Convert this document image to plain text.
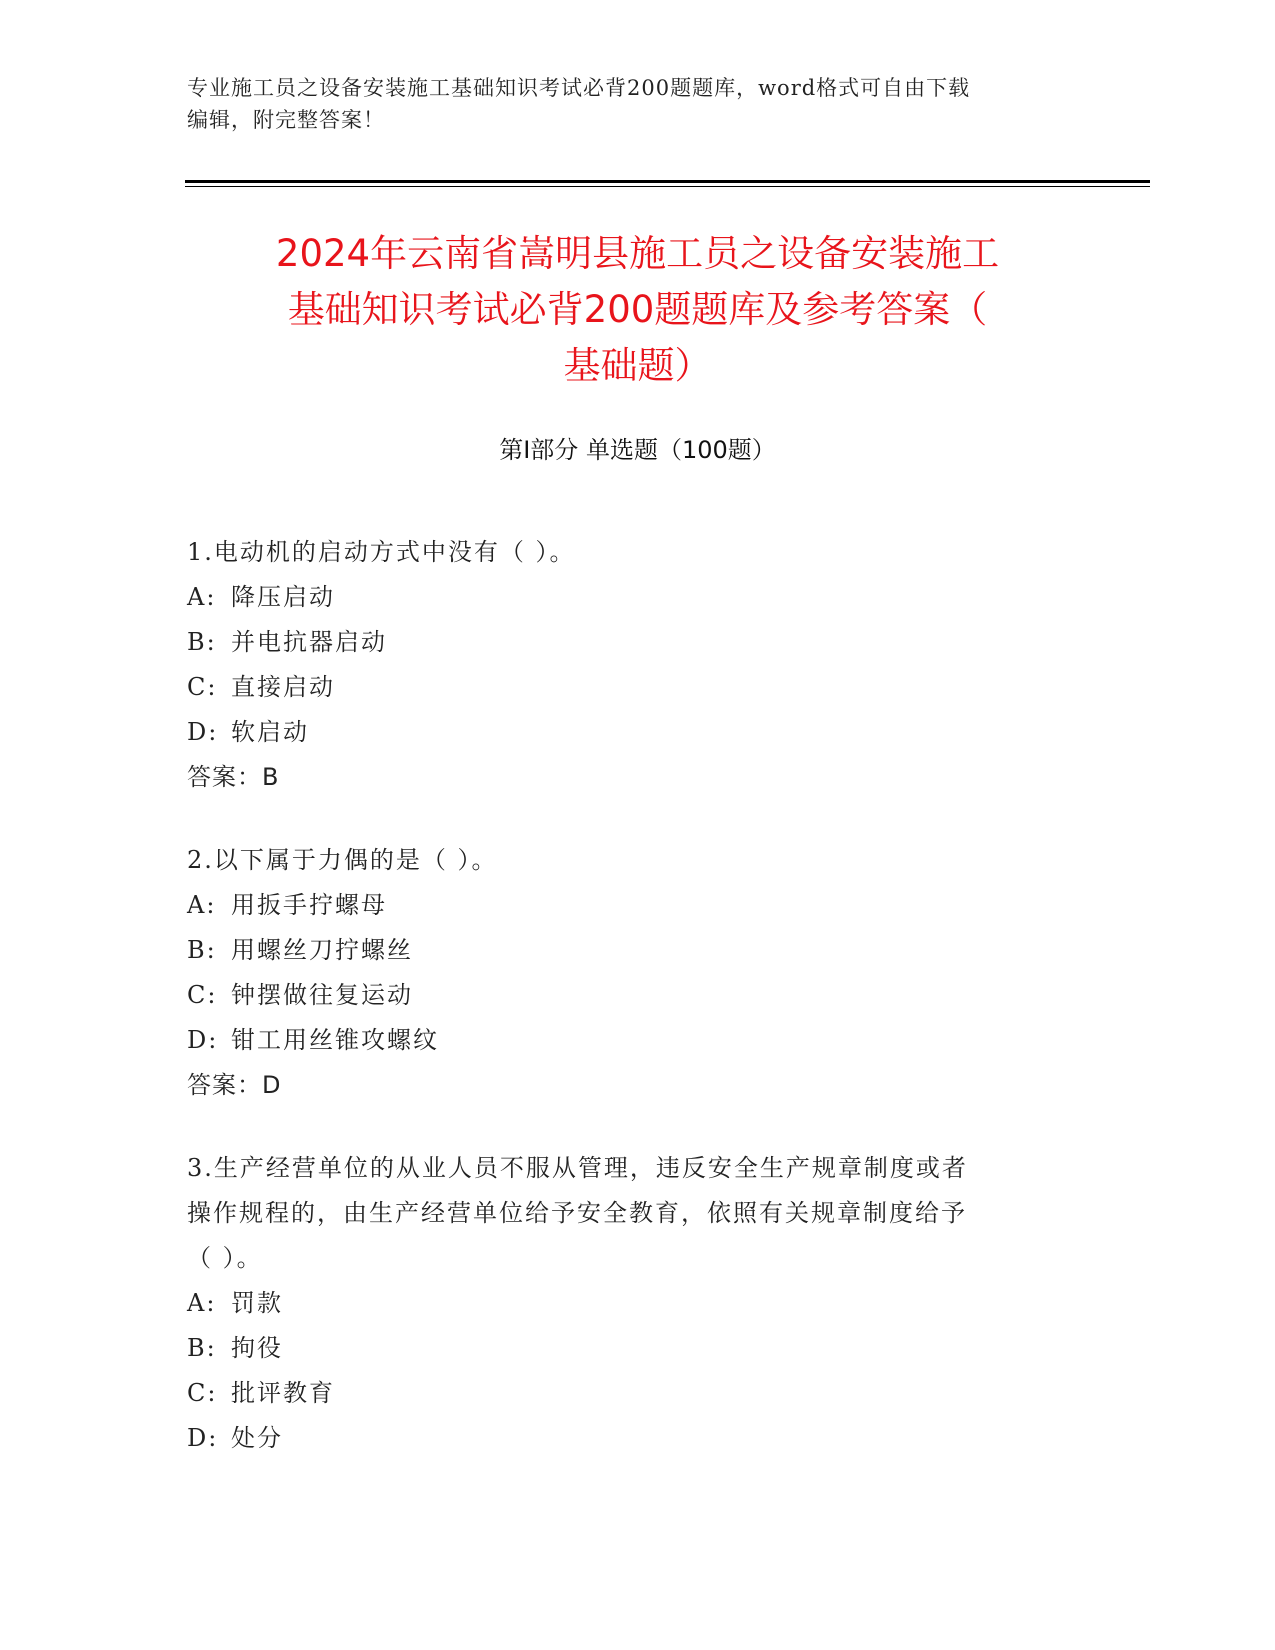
专业施工员之设备安装施工基础知识考试必背200题题库，word格式可自由下载
编辑，附完整答案！
2024年云南省嵩明县施工员之设备安装施工
基础知识考试必背200题题库及参考答案（
基础题）
第Ⅰ部分 单选题（100题）

1.电动机的启动方式中没有（ ）。

A: 降压启动
B: 并电抗器启动
C: 直接启动
D: 软启动

答案：B

2.以下属于力偶的是（ ）。

A: 用扳手拧螺母
B: 用螺丝刀拧螺丝
C: 钟摆做往复运动
D: 钳工用丝锥攻螺纹

答案：D

3.生产经营单位的从业人员不服从管理，违反安全生产规章制度或者

操作规程的，由生产经营单位给予安全教育，依照有关规章制度给予

（ ）。

A: 罚款
B: 拘役
C: 批评教育
D: 处分
